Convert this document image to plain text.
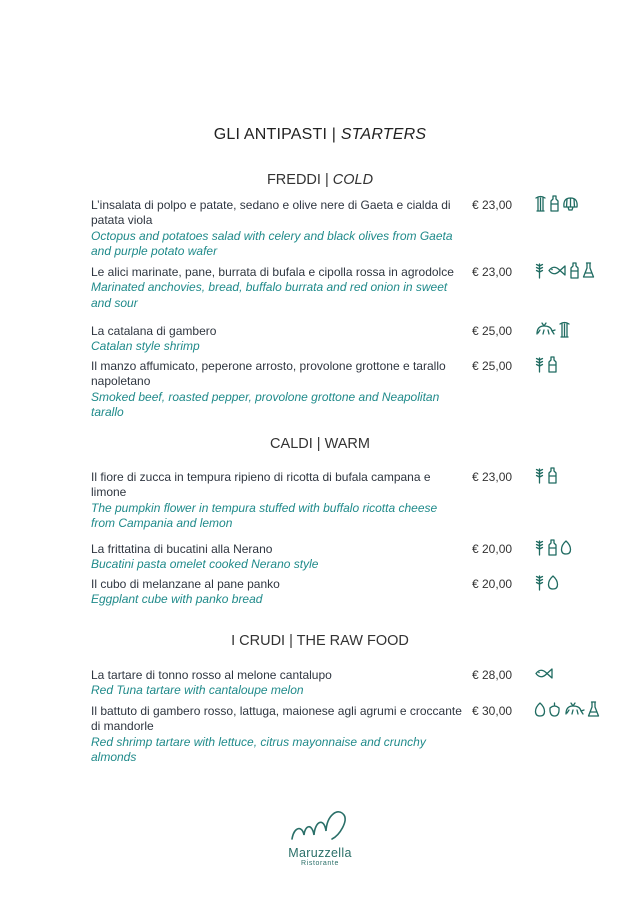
GLI ANTIPASTI | STARTERS
FREDDI | COLD
L’insalata di polpo e patate, sedano e olive nere di Gaeta e cialda di patata viola
Octopus and potatoes salad with celery and black olives from Gaeta and purple potato wafer
€ 23,00
Le alici marinate, pane, burrata di bufala e cipolla rossa in agrodolce
Marinated anchovies, bread, buffalo burrata and red onion in sweet and sour
€ 23,00
La catalana di gambero
Catalan style shrimp
€ 25,00
Il manzo affumicato, peperone arrosto, provolone grottone e tarallo napoletano
Smoked beef, roasted pepper, provolone grottone and Neapolitan tarallo
€ 25,00
CALDI | WARM
Il fiore di zucca in tempura ripieno di ricotta di bufala campana e limone
The pumpkin flower in tempura stuffed with buffalo ricotta cheese from Campania and lemon
€ 23,00
La frittatina di bucatini alla Nerano
Bucatini pasta omelet cooked Nerano style
€ 20,00
Il cubo di melanzane al pane panko
Eggplant cube with panko bread
€ 20,00
I CRUDI | THE RAW FOOD
La tartare di tonno rosso al melone cantalupo
Red Tuna tartare with cantaloupe melon
€ 28,00
Il battuto di gambero rosso, lattuga, maionese agli agrumi e croccante di mandorle
Red shrimp tartare with lettuce, citrus mayonnaise and crunchy almonds
€ 30,00
Maruzzella
Ristorante
